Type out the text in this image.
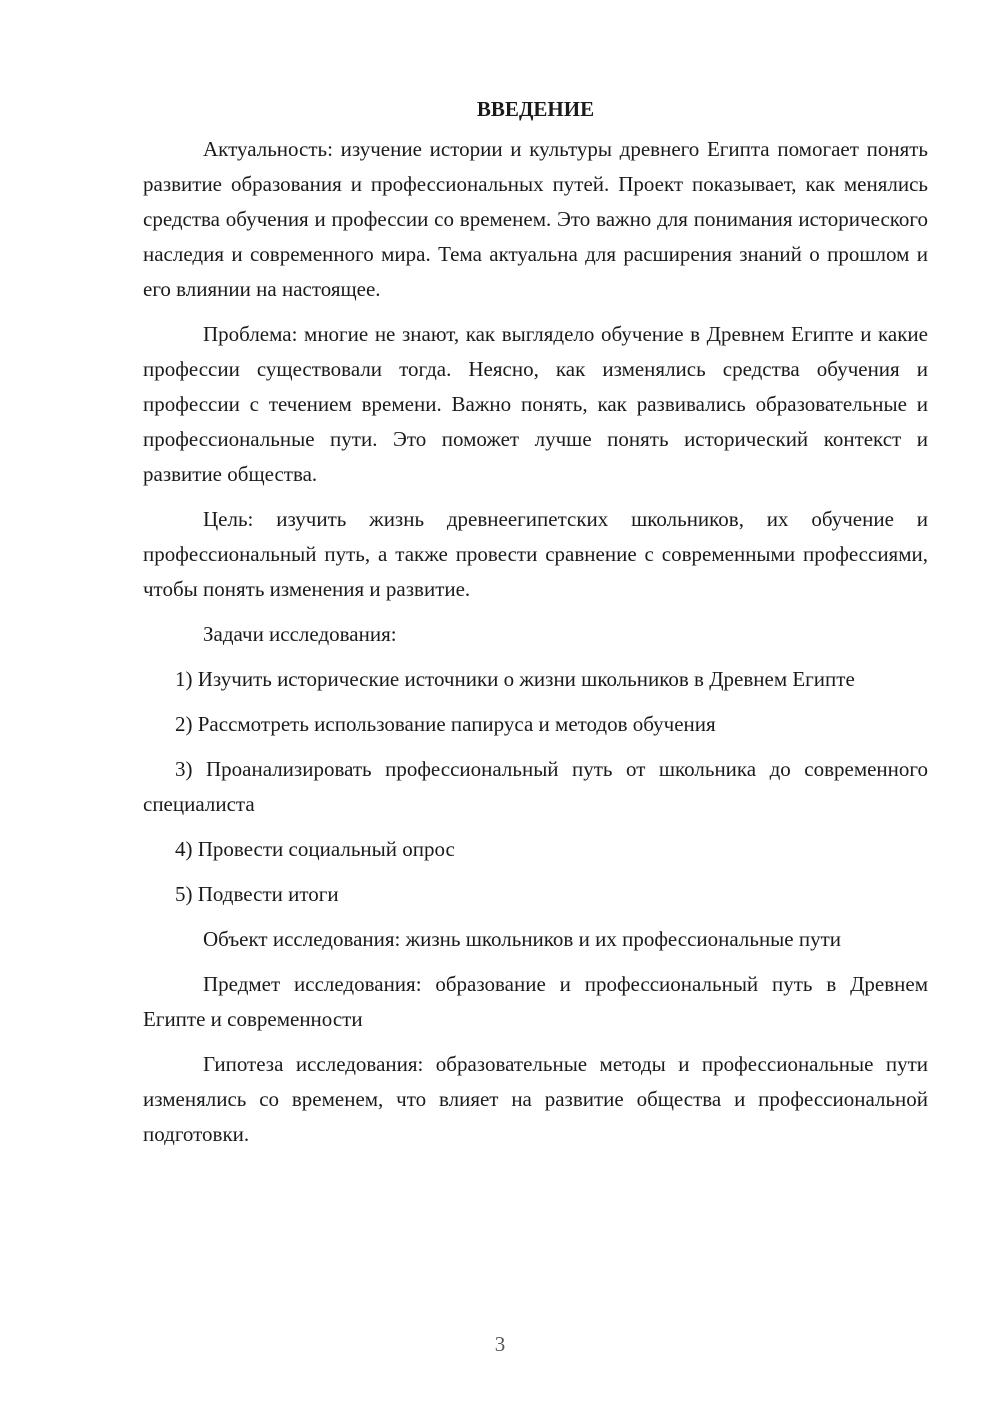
ВВЕДЕНИЕ

Актуальность: изучение истории и культуры древнего Египта помогает понять развитие образования и профессиональных путей. Проект показывает, как менялись средства обучения и профессии со временем. Это важно для понимания исторического наследия и современного мира. Тема актуальна для расширения знаний о прошлом и его влиянии на настоящее.

Проблема: многие не знают, как выглядело обучение в Древнем Египте и какие профессии существовали тогда. Неясно, как изменялись средства обучения и профессии с течением времени. Важно понять, как развивались образовательные и профессиональные пути. Это поможет лучше понять исторический контекст и развитие общества.

Цель: изучить жизнь древнеегипетских школьников, их обучение и профессиональный путь, а также провести сравнение с современными профессиями, чтобы понять изменения и развитие.

Задачи исследования:

1) Изучить исторические источники о жизни школьников в Древнем Египте

2) Рассмотреть использование папируса и методов обучения

3) Проанализировать профессиональный путь от школьника до современного специалиста

4) Провести социальный опрос

5) Подвести итоги

Объект исследования: жизнь школьников и их профессиональные пути

Предмет исследования: образование и профессиональный путь в Древнем Египте и современности

Гипотеза исследования: образовательные методы и профессиональные пути изменялись со временем, что влияет на развитие общества и профессиональной подготовки.

3
